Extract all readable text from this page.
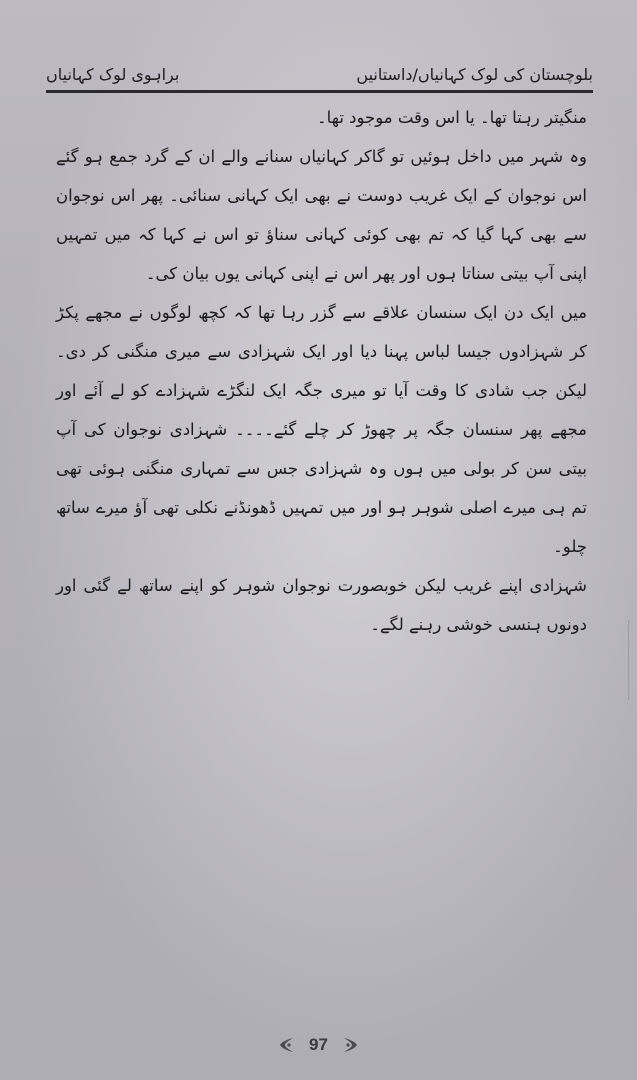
براہوی لوک کہانیاں	بلوچستان کی لوک کہانیاں/داستانیں

منگیتر رہتا تھا۔ یا اس وقت موجود تھا۔

وہ شہر میں داخل ہوئیں تو گاکر کہانیاں سنانے والے ان کے گرد جمع ہو گئے اس نوجوان کے ایک غریب دوست نے بھی ایک کہانی سنائی۔ پھر اس نوجوان سے بھی کہا گیا کہ تم بھی کوئی کہانی سناؤ تو اس نے کہا کہ میں تمہیں اپنی آپ بیتی سناتا ہوں اور پھر اس نے اپنی کہانی یوں بیان کی۔

میں ایک دن ایک سنسان علاقے سے گزر رہا تھا کہ کچھ لوگوں نے مجھے پکڑ کر شہزادوں جیسا لباس پہنا دیا اور ایک شہزادی سے میری منگنی کر دی۔ لیکن جب شادی کا وقت آیا تو میری جگہ ایک لنگڑے شہزادے کو لے آئے اور مجھے پھر سنسان جگہ پر چھوڑ کر چلے گئے۔۔۔۔ شہزادی نوجوان کی آپ بیتی سن کر بولی میں ہوں وہ شہزادی جس سے تمہاری منگنی ہوئی تھی تم ہی میرے اصلی شوہر ہو اور میں تمہیں ڈھونڈنے نکلی تھی آؤ میرے ساتھ چلو۔

شہزادی اپنے غریب لیکن خوبصورت نوجوان شوہر کو اپنے ساتھ لے گئی اور دونوں ہنسی خوشی رہنے لگے۔

97
